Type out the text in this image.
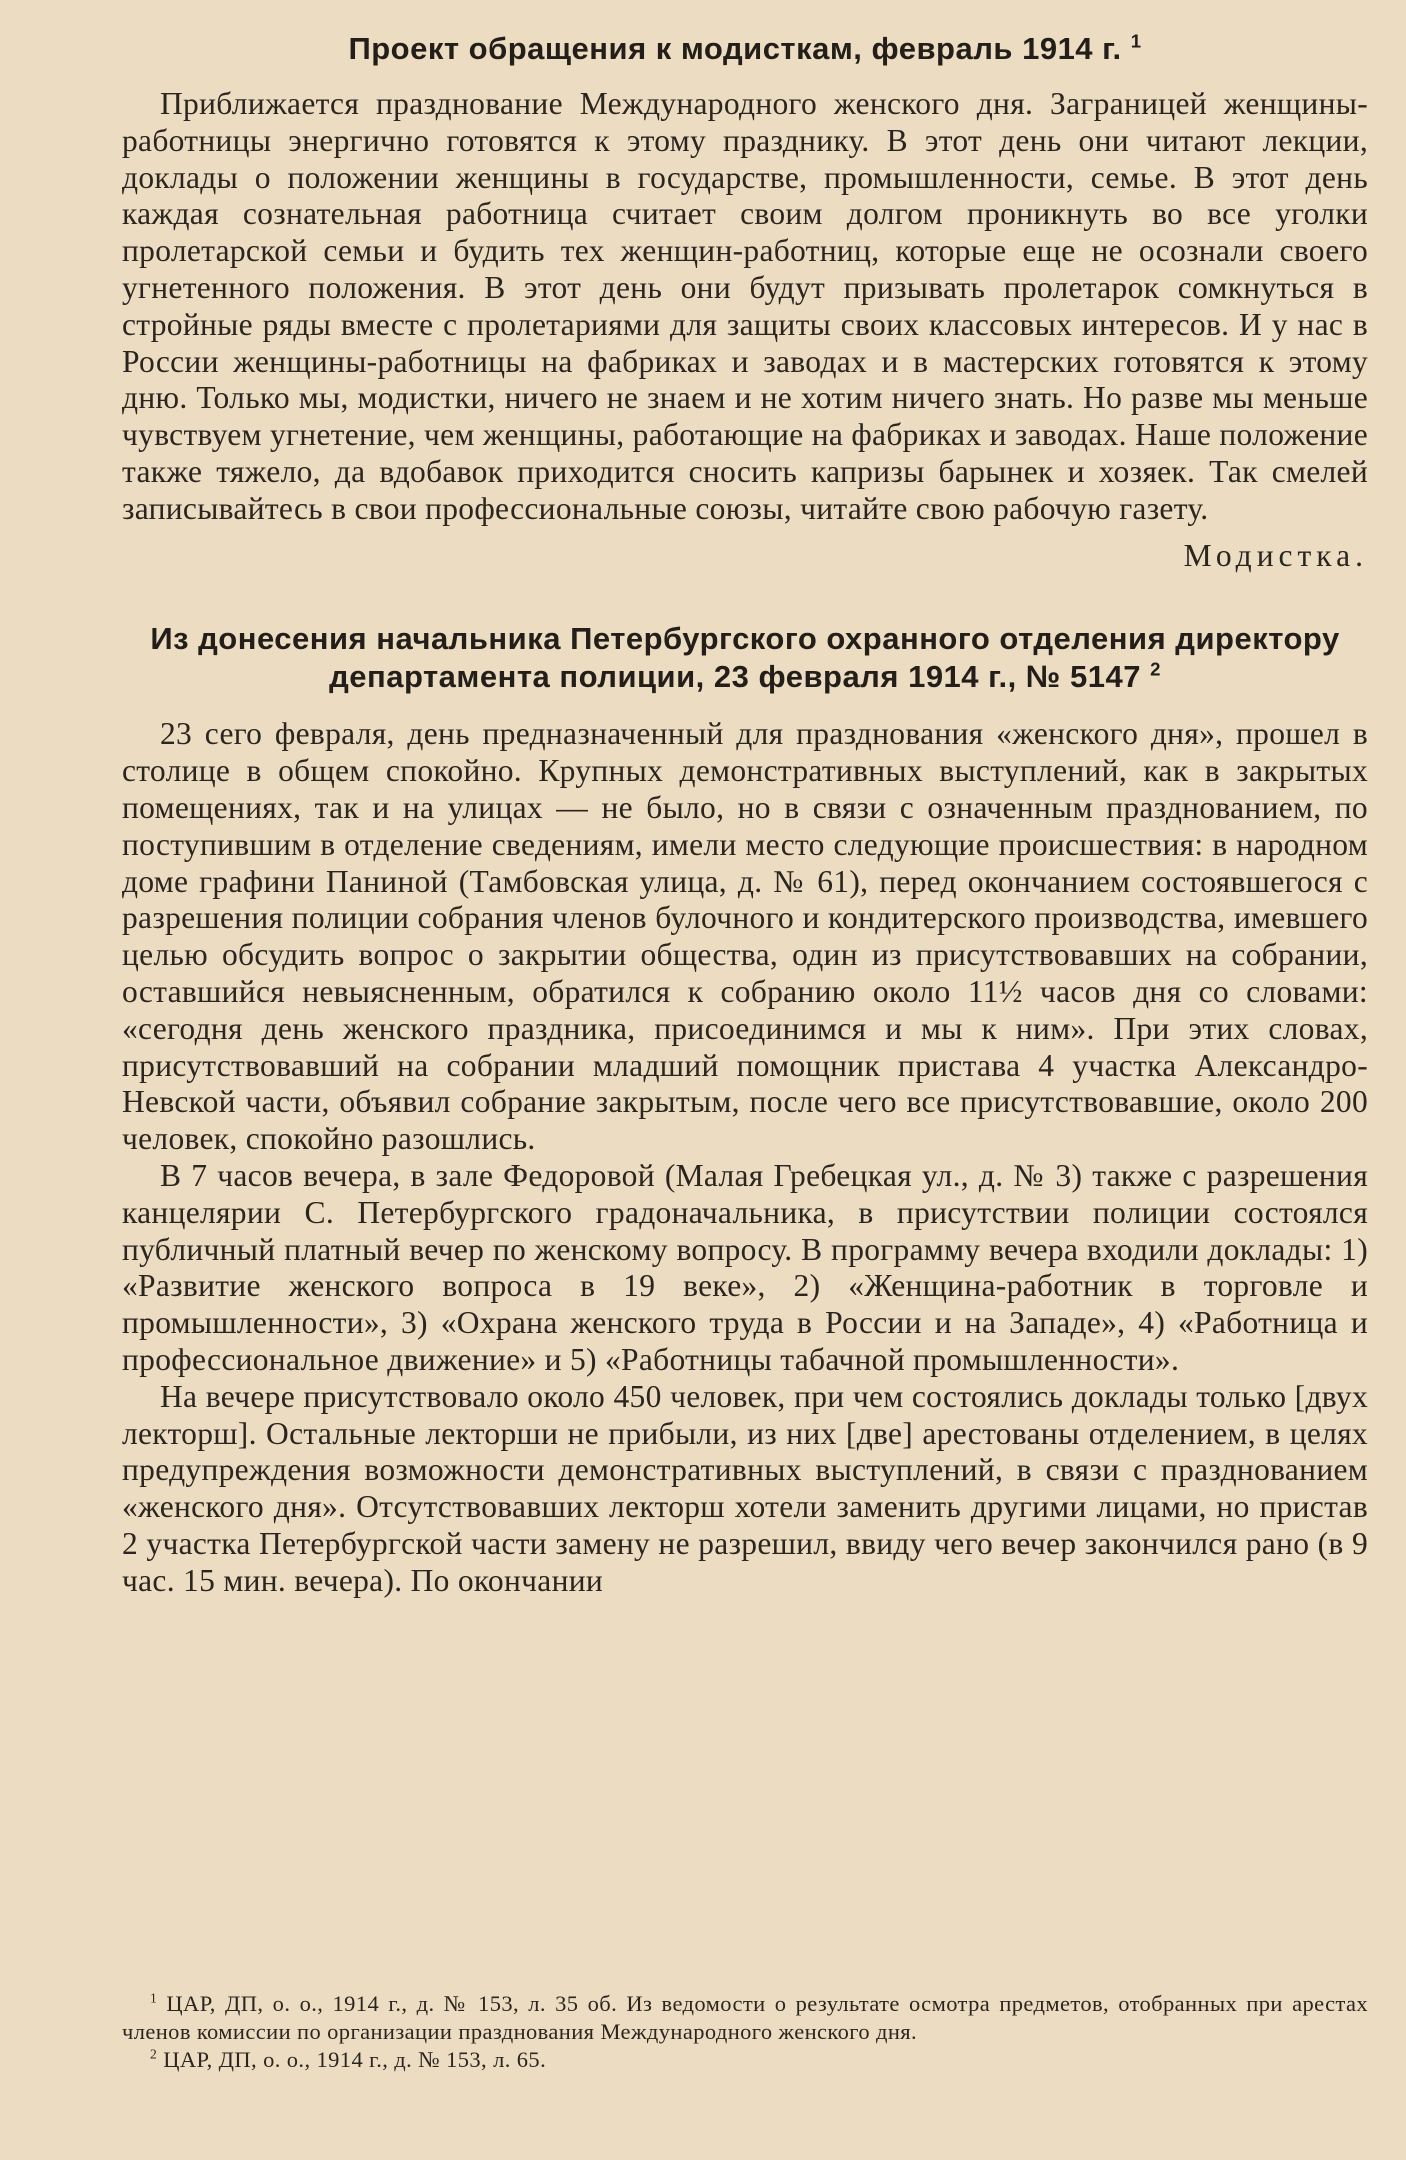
Проект обращения к модисткам, февраль 1914 г. $^1$

Приближается празднование Международного женского дня. Заграницей женщины-работницы энергично готовятся к этому празднику. В этот день они читают лекции, доклады о положении женщины в государстве, промышленности, семье. В этот день каждая сознательная работница считает своим долгом проникнуть во все уголки пролетарской семьи и будить тех женщин-работниц, которые еще не осознали своего угнетенного положения. В этот день они будут призывать пролетарок сомкнуться в стройные ряды вместе с пролетариями для защиты своих классовых интересов. И у нас в России женщины-работницы на фабриках и заводах и в мастерских готовятся к этому дню. Только мы, модистки, ничего не знаем и не хотим ничего знать. Но разве мы меньше чувствуем угнетение, чем женщины, работающие на фабриках и заводах. Наше положение также тяжело, да вдобавок приходится сносить капризы барынек и хозяек. Так смелей записывайтесь в свои профессиональные союзы, читайте свою рабочую газету.

Модистка.

Из донесения начальника Петербургского охранного отделения директору департамента полиции, 23 февраля 1914 г., № 5147 $^2$

23 сего февраля, день предназначенный для празднования «женского дня», прошел в столице в общем спокойно. Крупных демонстративных выступлений, как в закрытых помещениях, так и на улицах — не было, но в связи с означенным празднованием, по поступившим в отделение сведениям, имели место следующие происшествия: в народном доме графини Паниной (Тамбовская улица, д. № 61), перед окончанием состоявшегося с разрешения полиции собрания членов булочного и кондитерского производства, имевшего целью обсудить вопрос о закрытии общества, один из присутствовавших на собрании, оставшийся невыясненным, обратился к собранию около 11½ часов дня со словами: «сегодня день женского праздника, присоединимся и мы к ним». При этих словах, присутствовавший на собрании младший помощник пристава 4 участка Александро-Невской части, объявил собрание закрытым, после чего все присутствовавшие, около 200 человек, спокойно разошлись.

В 7 часов вечера, в зале Федоровой (Малая Гребецкая ул., д. № 3) также с разрешения канцелярии С. Петербургского градоначальника, в присутствии полиции состоялся публичный платный вечер по женскому вопросу. В программу вечера входили доклады: 1) «Развитие женского вопроса в 19 веке», 2) «Женщина-работник в торговле и промышленности», 3) «Охрана женского труда в России и на Западе», 4) «Работница и профессиональное движение» и 5) «Работницы табачной промышленности».

На вечере присутствовало около 450 человек, при чем состоялись доклады только [двух лекторш]. Остальные лекторши не прибыли, из них [две] арестованы отделением, в целях предупреждения возможности демонстративных выступлений, в связи с празднованием «женского дня». Отсутствовавших лекторш хотели заменить другими лицами, но пристав 2 участка Петербургской части замену не разрешил, ввиду чего вечер закончился рано (в 9 час. 15 мин. вечера). По окончании

$^1$ ЦАР, ДП, о. о., 1914 г., д. № 153, л. 35 об. Из ведомости о результате осмотра предметов, отобранных при арестах членов комиссии по организации празднования Международного женского дня.

$^2$ ЦАР, ДП, о. о., 1914 г., д. № 153, л. 65.
